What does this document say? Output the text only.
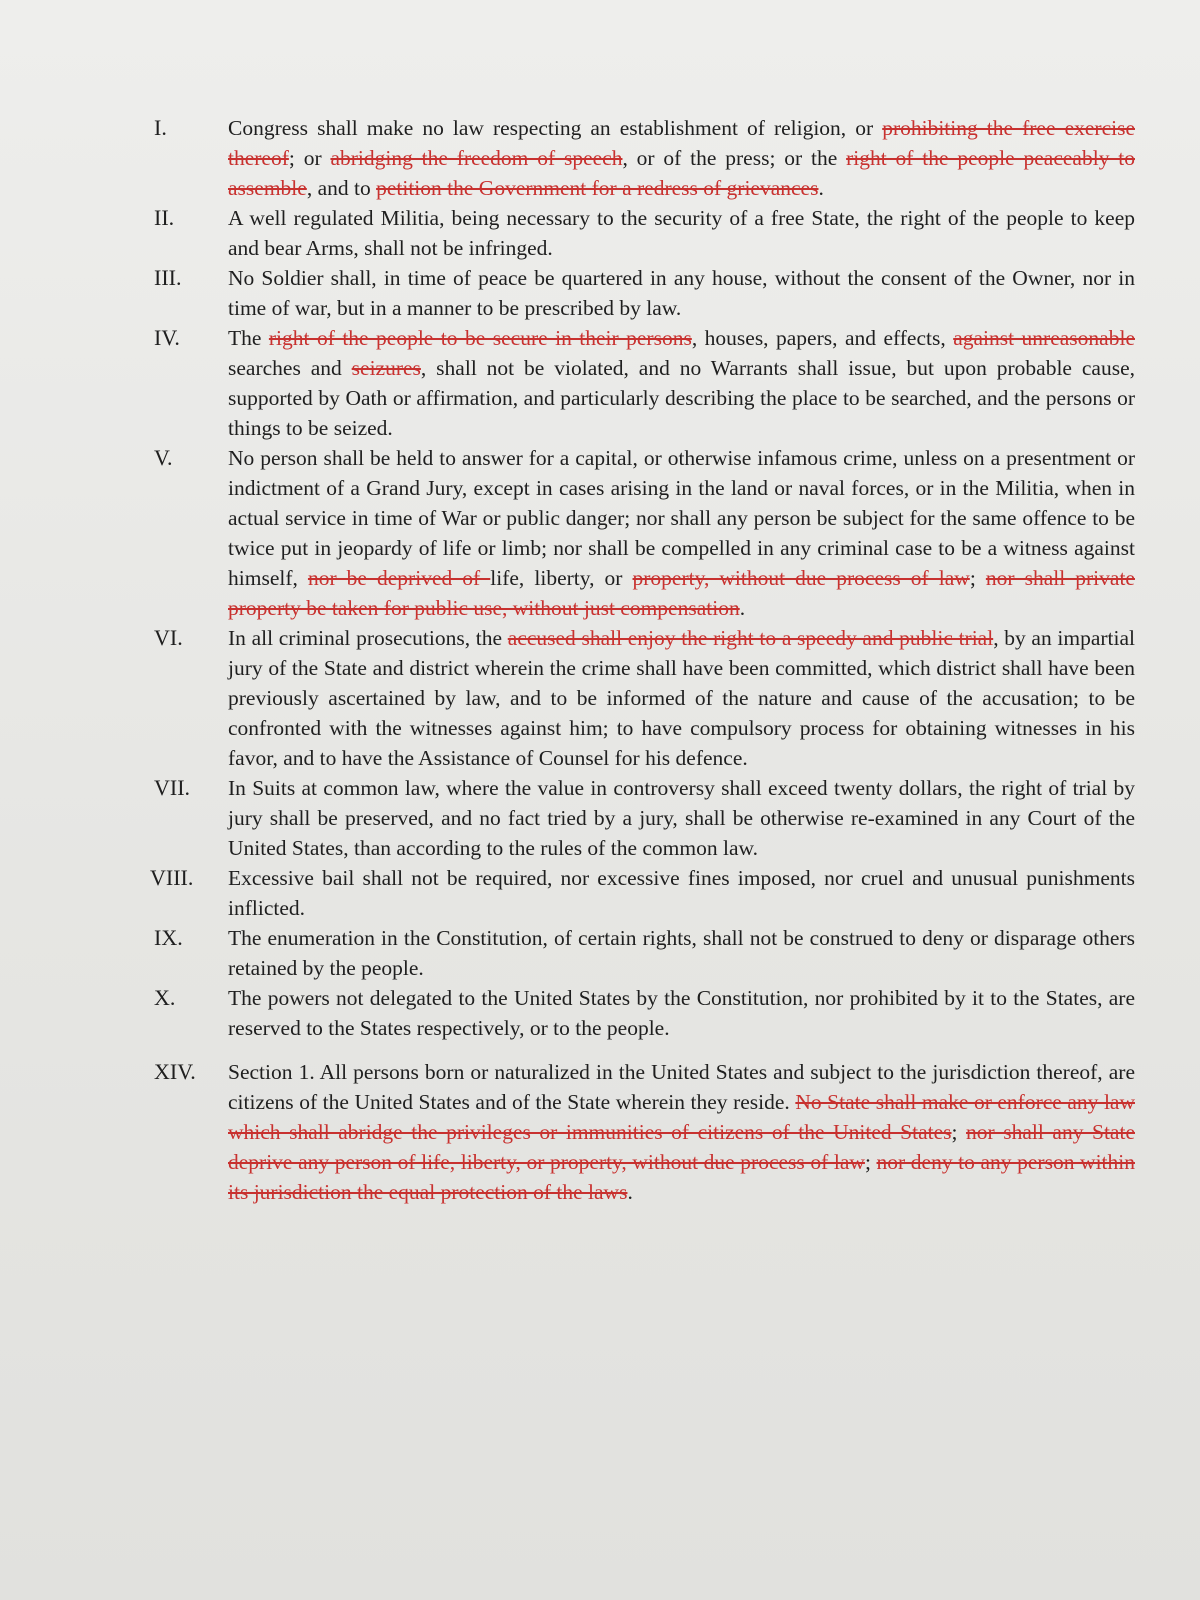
I.	Congress shall make no law respecting an establishment of religion, or prohibiting the free exercise thereof; or abridging the freedom of speech, or of the press; or the right of the people peaceably to assemble, and to petition the Government for a redress of grievances.

II.	A well regulated Militia, being necessary to the security of a free State, the right of the people to keep and bear Arms, shall not be infringed.

III.	No Soldier shall, in time of peace be quartered in any house, without the consent of the Owner, nor in time of war, but in a manner to be prescribed by law.

IV.	The right of the people to be secure in their persons, houses, papers, and effects, against unreasonable searches and seizures, shall not be violated, and no Warrants shall issue, but upon probable cause, supported by Oath or affirmation, and particularly describing the place to be searched, and the persons or things to be seized.

V.	No person shall be held to answer for a capital, or otherwise infamous crime, unless on a presentment or indictment of a Grand Jury, except in cases arising in the land or naval forces, or in the Militia, when in actual service in time of War or public danger; nor shall any person be subject for the same offence to be twice put in jeopardy of life or limb; nor shall be compelled in any criminal case to be a witness against himself, nor be deprived of life, liberty, or property, without due process of law; nor shall private property be taken for public use, without just compensation.

VI.	In all criminal prosecutions, the accused shall enjoy the right to a speedy and public trial, by an impartial jury of the State and district wherein the crime shall have been committed, which district shall have been previously ascertained by law, and to be informed of the nature and cause of the accusation; to be confronted with the witnesses against him; to have compulsory process for obtaining witnesses in his favor, and to have the Assistance of Counsel for his defence.

VII.	In Suits at common law, where the value in controversy shall exceed twenty dollars, the right of trial by jury shall be preserved, and no fact tried by a jury, shall be otherwise re-examined in any Court of the United States, than according to the rules of the common law.

VIII.	Excessive bail shall not be required, nor excessive fines imposed, nor cruel and unusual punishments inflicted.

IX.	The enumeration in the Constitution, of certain rights, shall not be construed to deny or disparage others retained by the people.

X.	The powers not delegated to the United States by the Constitution, nor prohibited by it to the States, are reserved to the States respectively, or to the people.

XIV.	Section 1. All persons born or naturalized in the United States and subject to the jurisdiction thereof, are citizens of the United States and of the State wherein they reside. No State shall make or enforce any law which shall abridge the privileges or immunities of citizens of the United States; nor shall any State deprive any person of life, liberty, or property, without due process of law; nor deny to any person within its jurisdiction the equal protection of the laws.
